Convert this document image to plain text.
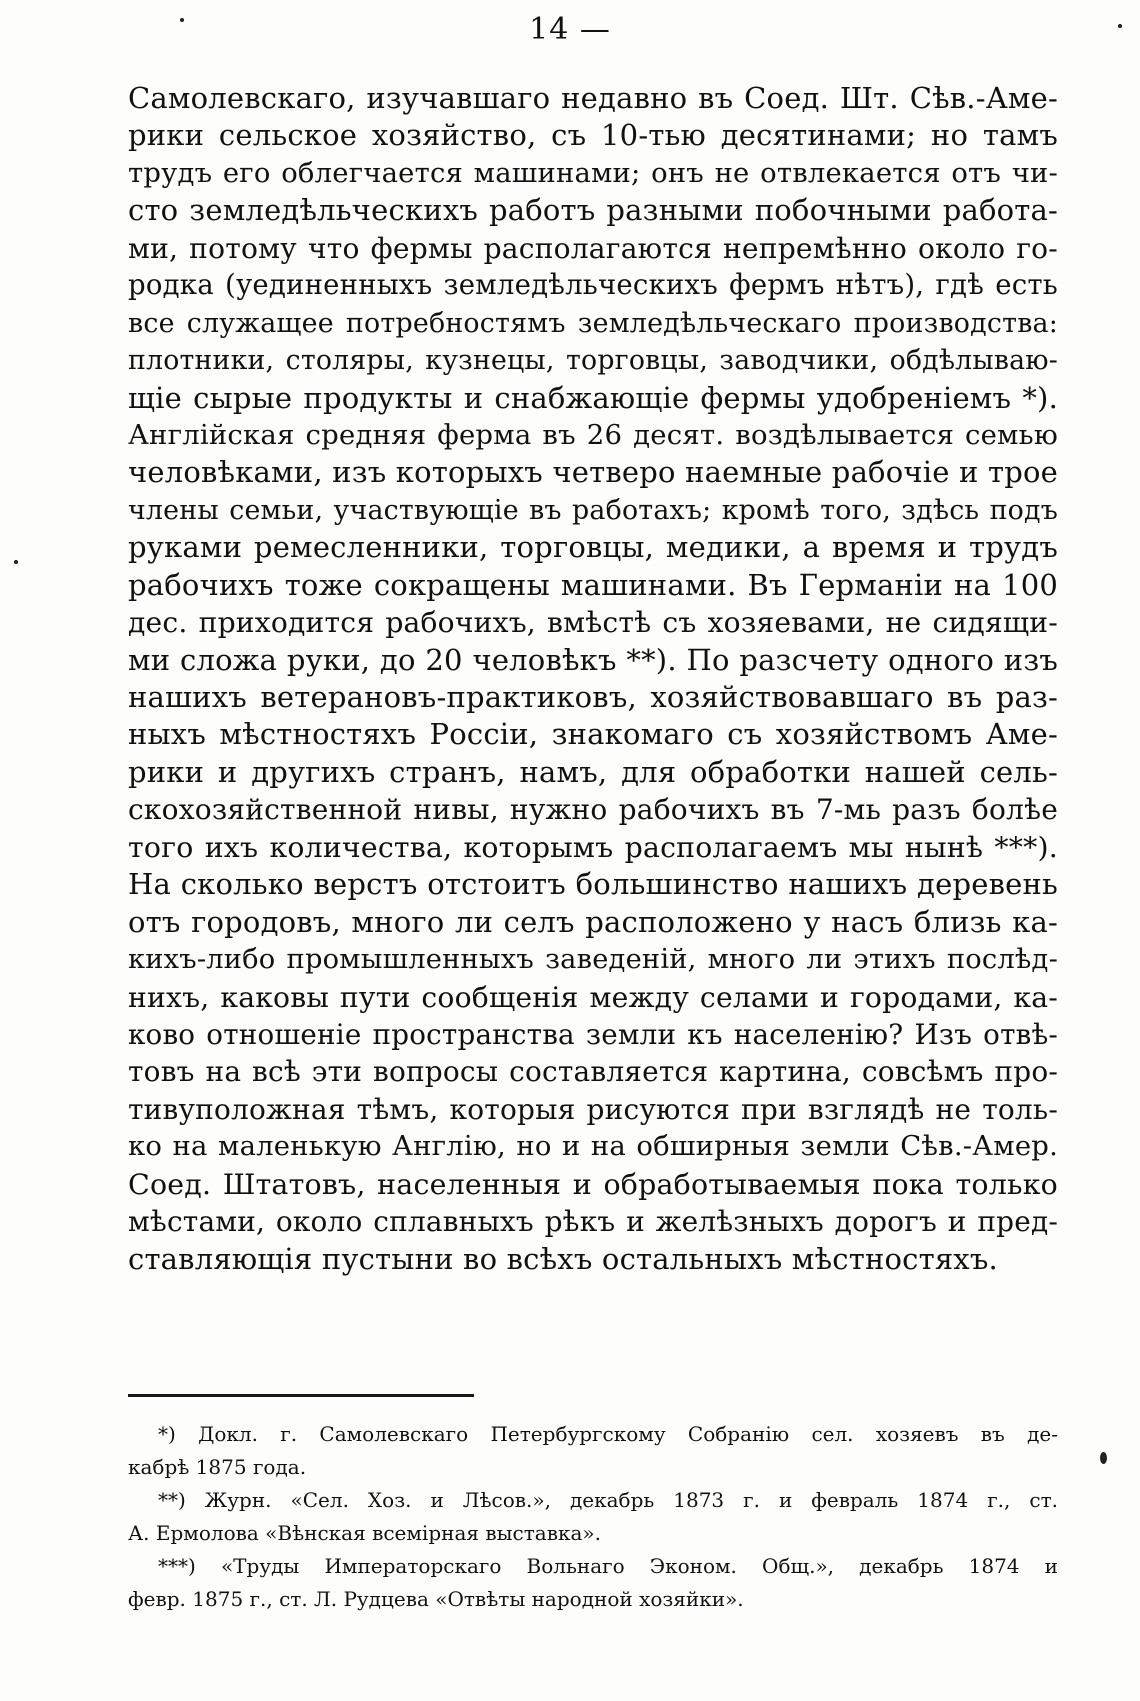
14 —
Самолевскаго, изучавшаго недавно въ Соед. Шт. Сѣв.-Аме-
рики сельское хозяйство, съ 10-тью десятинами; но тамъ
трудъ его облегчается машинами; онъ не отвлекается отъ чи-
сто земледѣльческихъ работъ разными побочными работа-
ми, потому что фермы располагаются непремѣнно около го-
родка (уединенныхъ земледѣльческихъ фермъ нѣтъ), гдѣ есть
все служащее потребностямъ земледѣльческаго производства:
плотники, столяры, кузнецы, торговцы, заводчики, обдѣлываю-
щіе сырые продукты и снабжающіе фермы удобреніемъ *).
Англійская средняя ферма въ 26 десят. воздѣлывается семью
человѣками, изъ которыхъ четверо наемные рабочіе и трое
члены семьи, участвующіе въ работахъ; кромѣ того, здѣсь подъ
руками ремесленники, торговцы, медики, а время и трудъ
рабочихъ тоже сокращены машинами. Въ Германіи на 100
дес. приходится рабочихъ, вмѣстѣ съ хозяевами, не сидящи-
ми сложа руки, до 20 человѣкъ **). По разсчету одного изъ
нашихъ ветерановъ-практиковъ, хозяйствовавшаго въ раз-
ныхъ мѣстностяхъ Россіи, знакомаго съ хозяйствомъ Аме-
рики и другихъ странъ, намъ, для обработки нашей сель-
скохозяйственной нивы, нужно рабочихъ въ 7-мь разъ болѣе
того ихъ количества, которымъ располагаемъ мы нынѣ ***).
На сколько верстъ отстоитъ большинство нашихъ деревень
отъ городовъ, много ли селъ расположено у насъ близь ка-
кихъ-либо промышленныхъ заведеній, много ли этихъ послѣд-
нихъ, каковы пути сообщенія между селами и городами, ка-
ково отношеніе пространства земли къ населенію? Изъ отвѣ-
товъ на всѣ эти вопросы составляется картина, совсѣмъ про-
тивуположная тѣмъ, которыя рисуются при взглядѣ не толь-
ко на маленькую Англію, но и на обширныя земли Сѣв.-Амер.
Соед. Штатовъ, населенныя и обработываемыя пока только
мѣстами, около сплавныхъ рѣкъ и желѣзныхъ дорогъ и пред-
ставляющія пустыни во всѣхъ остальныхъ мѣстностяхъ.
*) Докл. г. Самолевскаго Петербургскому Собранію сел. хозяевъ въ де-
кабрѣ 1875 года.
**) Журн. «Сел. Хоз. и Лѣсов.», декабрь 1873 г. и февраль 1874 г., ст.
А. Ермолова «Вѣнская всемірная выставка».
***) «Труды Императорскаго Вольнаго Эконом. Общ.», декабрь 1874 и
февр. 1875 г., ст. Л. Рудцева «Отвѣты народной хозяйки».
